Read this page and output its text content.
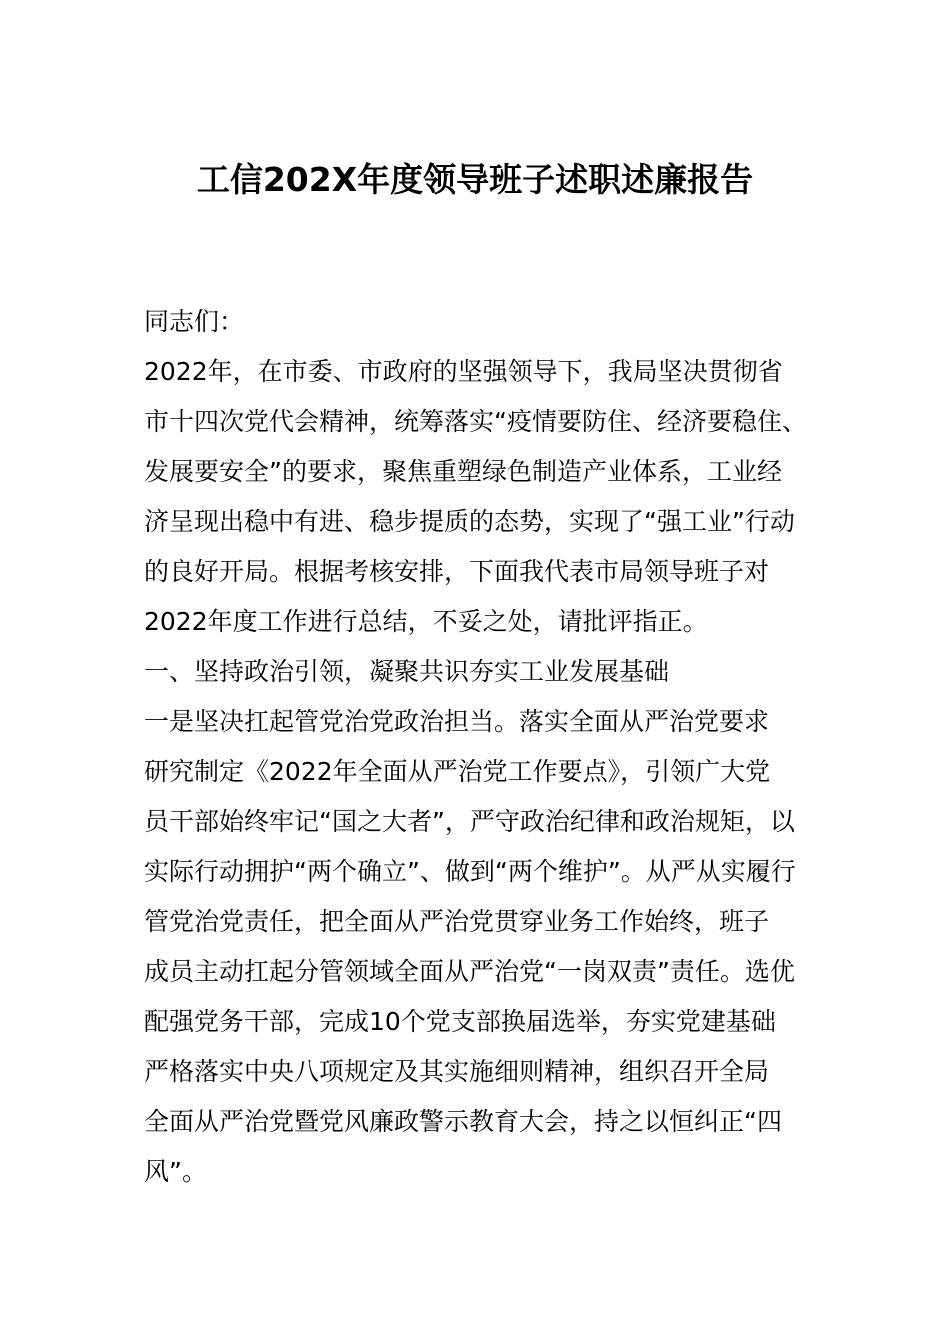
工信202X年度领导班子述职述廉报告
同志们：
2022年，在市委、市政府的坚强领导下，我局坚决贯彻省
市十四次党代会精神，统筹落实“疫情要防住、经济要稳住、
发展要安全”的要求，聚焦重塑绿色制造产业体系，工业经
济呈现出稳中有进、稳步提质的态势，实现了“强工业”行动
的良好开局。根据考核安排，下面我代表市局领导班子对
2022年度工作进行总结，不妥之处，请批评指正。
一、坚持政治引领，凝聚共识夯实工业发展基础
一是坚决扛起管党治党政治担当。落实全面从严治党要求
研究制定《2022年全面从严治党工作要点》，引领广大党
员干部始终牢记“国之大者”，严守政治纪律和政治规矩，以
实际行动拥护“两个确立”、做到“两个维护”。从严从实履行
管党治党责任，把全面从严治党贯穿业务工作始终，班子
成员主动扛起分管领域全面从严治党“一岗双责”责任。选优
配强党务干部，完成10个党支部换届选举，夯实党建基础
严格落实中央八项规定及其实施细则精神，组织召开全局
全面从严治党暨党风廉政警示教育大会，持之以恒纠正“四
风”。
